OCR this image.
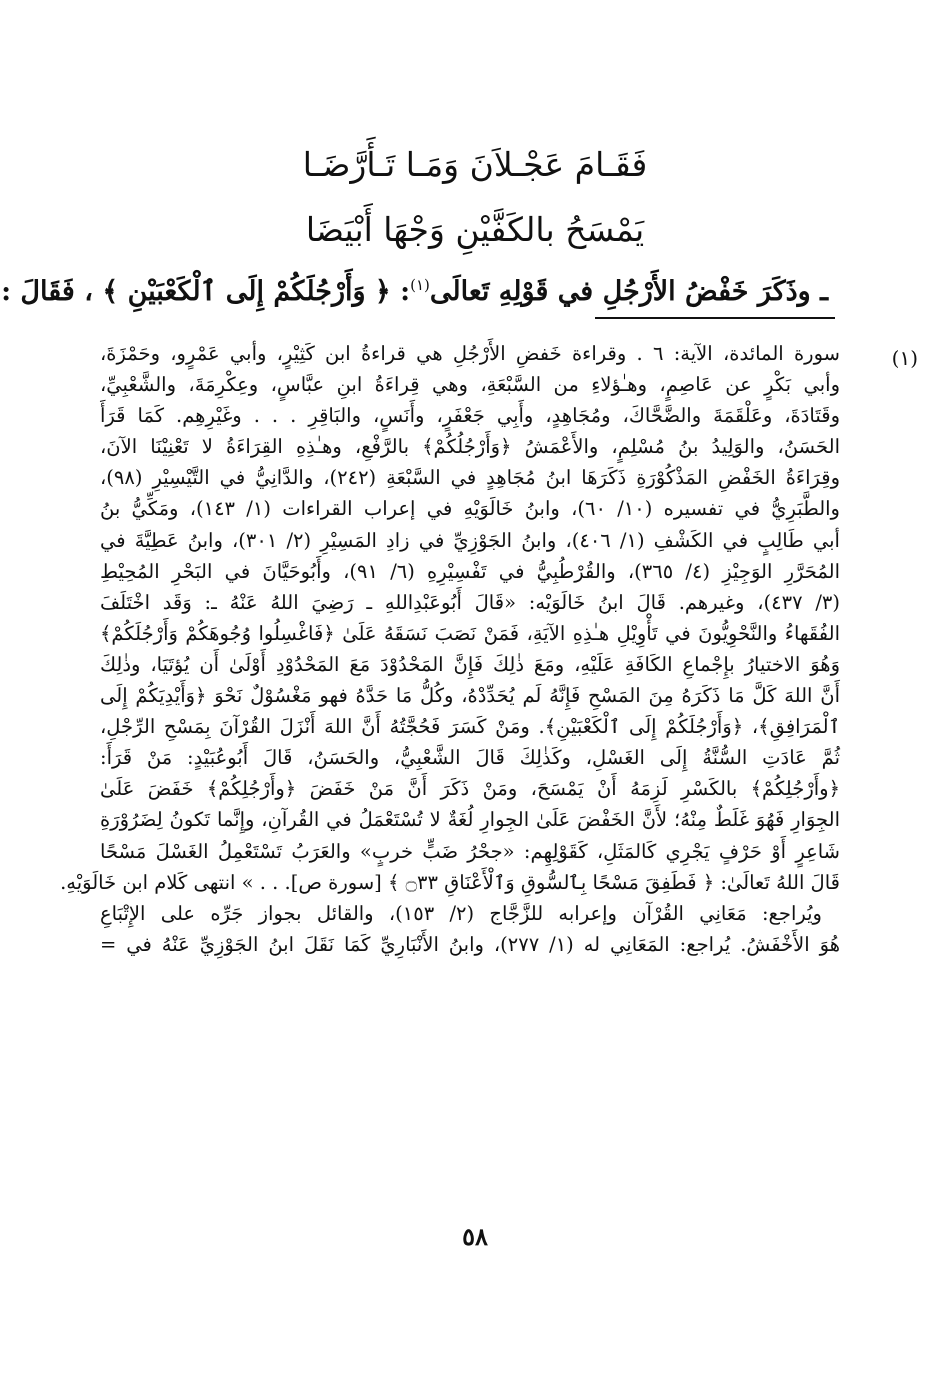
فَقَـامَ عَجْـلاَنَ وَمَـا تَـأَرَّضَـا
يَمْسَحُ بالكَفَّيْنِ وَجْهَا أَبْيَضَا
ـ وذَكَرَ خَفْضُ الأَرْجُلِ في قَوْلِهِ تَعالَى$^{(١)}$: ﴿ وَأَرْجُلَكُمْ إِلَى ٱلْكَعْبَيْنِ ﴾ ، فَقَالَ :
(١)
سورة المائدة، الآية: ٦ . وقراءة خَفضِ الأَرْجُلِ هي قراءةُ ابن كَثِيْرٍ، وأبي عَمْرٍو، وحَمْزَةَ،
وأبي بَكْرٍ عن عَاصِمٍ، وهـٰؤلاءِ من السَّبْعَةِ، وهي قِراءَةُ ابنِ عبَّاسٍ، وعِكْرِمَةَ، والشَّعْبِيِّ،
وقَتَادَةَ، وعَلْقَمَةَ والضَّحَّاكَ، ومُجَاهِدٍ، وأَبِي جَعْفَرٍ، وأَنَسٍ، والبَاقِرِ . . . وغَيْرِهِم. كَمَا قَرَأَ
الحَسَنُ، والوَلِيدُ بنُ مُسْلِمٍ، والأَعْمَشُ ﴿وَأَرْجُلُكُمْ﴾ بالرَّفْعِ، وهـٰذِهِ القِرَاءَةُ لا تَعْنِيْنَا الآنَ،
وقِرَاءَةُ الخَفْضِ المَذْكُوْرَةِ ذَكَرَهَا ابنُ مُجَاهِدٍ في السَّبْعَةِ (٢٤٢)، والدَّانِيُّ في التَّيْسِيْرِ (٩٨)،
والطَّبَرِيُّ في تفسيره (١٠/ ٦٠)، وابنُ خَالَوَيْهِ في إعراب القراءات (١/ ١٤٣)، ومَكِّيُّ بنُ
أبي طَالِبٍ في الكَشْفِ (١/ ٤٠٦)، وابنُ الجَوْزِيِّ في زادِ المَسِيْرِ (٢/ ٣٠١)، وابنُ عَطِيَّةَ في
المُحَرَّرِ الوَجِيْزِ (٤/ ٣٦٥)، والقُرْطُبِيُّ في تَفْسِيْرِهِ (٦/ ٩١)، وأَبُوحَيَّانَ في البَحْرِ المُحِيْطِ
(٣/ ٤٣٧)، وغيرهم. قَالَ ابنُ خَالَوَيْه: «قَالَ أَبُوعَبْدِاللهِ ـ رَضِيَ اللهُ عَنْهُ ـ: وَقَد اخْتَلَفَ
الفُقَهاءُ والنَّحْوِيُّونَ في تَأْوِيْلِ هـٰذِهِ الآيَةِ، فَمَنْ نَصَبَ نَسَقَهُ عَلَىٰ ﴿فَاغْسِلُوا وُجُوهَكُمْ وَأَرْجُلَكُمْ﴾
وَهُوَ الاختيارُ بإِجْماعِ الكَافَةِ عَلَيْهِ، ومَعَ ذٰلِكَ فَإِنَّ المَحْدُوْدَ مَعَ المَحْدُوْدِ أَوْلَىٰ أَن يُؤتَيَا، وذٰلِكَ
أَنَّ اللهَ كَلَّ مَا ذَكَرَهُ مِنَ المَسْحِ فَإِنَّهُ لَم يُحَدِّدْهُ، وكُلُّ مَا حَدَّهُ فهو مَغْسُوْلٌ نَحْوَ ﴿وَأَيْدِيَكُمْ إِلَى
ٱلْمَرَافِقِ﴾، ﴿وَأَرْجُلَكُمْ إِلَى ٱلْكَعْبَيْنِ﴾. ومَنْ كَسَرَ فَحُجَّتُهُ أَنَّ اللهَ أَنْزَلَ القُرْآنَ بِمَسْحِ الرِّجْلِ،
ثُمَّ عَادَتِ السُّنَّةُ إِلَى الغَسْلِ، وكَذٰلِكَ قَالَ الشَّعْبِيُّ، والحَسَنُ، قَالَ أَبُوعُبَيْدٍ: مَنْ قَرَأَ:
﴿وأَرْجُلِكُمْ﴾ بالكَسْرِ لَزِمَهُ أَنْ يَمْسَحَ، ومَنْ ذَكَرَ أَنَّ مَنْ خَفَضَ ﴿وأَرْجُلِكُمْ﴾ خَفَضَ عَلَىٰ
الجِوَارِ فَهُوَ غَلَطٌ مِنْهُ؛ لأَنَّ الخَفْضَ عَلَىٰ الجِوارِ لُغَةٌ لا تُسْتَعْمَلُ في القُرآنِ، وإِنَّما تَكونُ لِضَرُوْرَةِ
شَاعِرٍ أَوْ حَرْفٍ يَجْرِي كَالمَثَلِ، كَقَوْلِهِم: «جحْرُ ضَبٍّ خربٍ» والعَرَبُ تَسْتَعْمِلُ الغَسْلَ مَسْحًا
قَالَ اللهُ تَعالَىٰ: ﴿ فَطَفِقَ مَسْحًا بِٱلسُّوقِ وَٱلْأَعْنَاقِ ۝٣٣ ﴾ [سورة ص]. . . » انتهى كَلام ابن خَالَوَيْهِ.
ويُراجع: مَعَانِي القُرْآن وإعرابه للزَّجَّاج (٢/ ١٥٣)، والقائل بجواز جَرِّه على الإِتْبَاعِ
هُوَ الأَخْفَشُ. يُراجع: المَعَانِي له (١/ ٢٧٧)، وابنُ الأَنْبَارِيِّ كَمَا نَقَلَ ابنُ الجَوْزِيِّ عَنْهُ في =
٥٨
